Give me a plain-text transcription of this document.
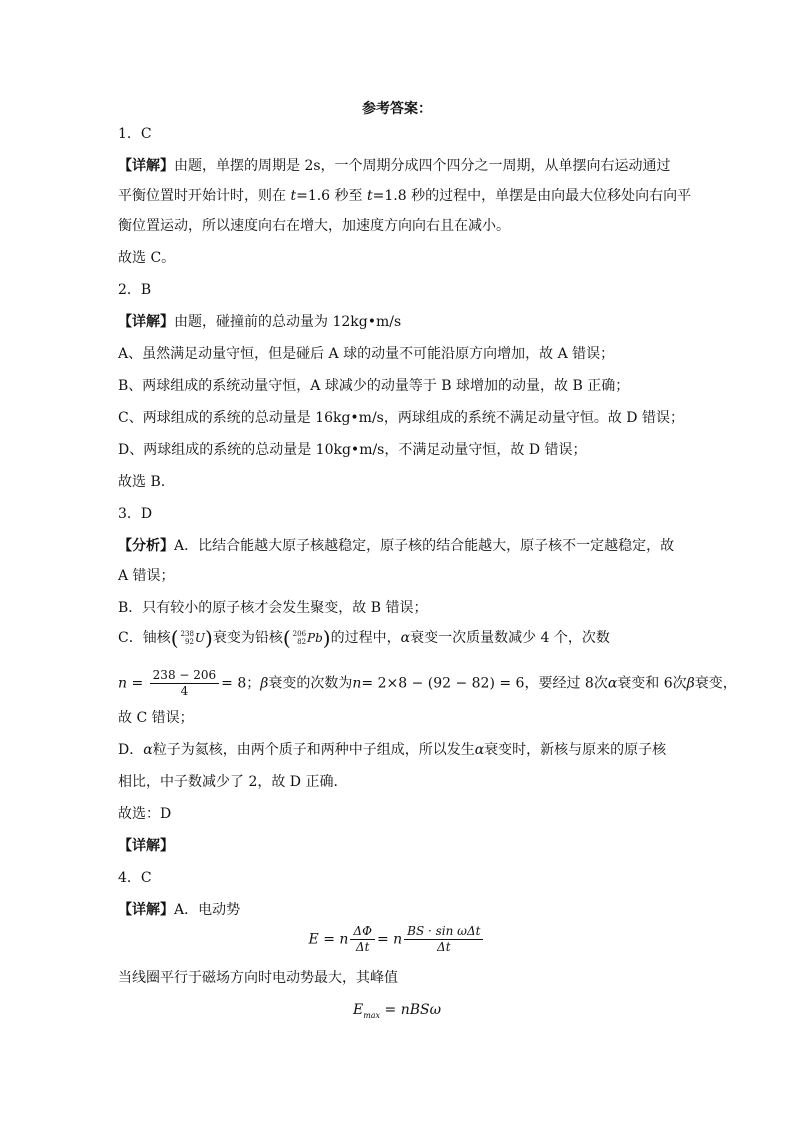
参考答案：
1．C
【详解】由题，单摆的周期是 2s，一个周期分成四个四分之一周期，从单摆向右运动通过
平衡位置时开始计时，则在 t=1.6 秒至 t=1.8 秒的过程中，单摆是由向最大位移处向右向平
衡位置运动，所以速度向右在增大，加速度方向向右且在减小。
故选 C。
2．B
【详解】由题，碰撞前的总动量为 12kg•m/s
A、虽然满足动量守恒，但是碰后 A 球的动量不可能沿原方向增加，故 A 错误；
B、两球组成的系统动量守恒，A 球减少的动量等于 B 球增加的动量，故 B 正确；
C、两球组成的系统的总动量是 16kg•m/s，两球组成的系统不满足动量守恒。故 D 错误；
D、两球组成的系统的总动量是 10kg•m/s，不满足动量守恒，故 D 错误；
故选 B.
3．D
【分析】A．比结合能越大原子核越稳定，原子核的结合能越大，原子核不一定越稳定，故
A 错误；
B．只有较小的原子核才会发生聚变，故 B 错误；
C．铀核 ( 238
92 U ) 衰变为铅核 ( 206
82 Pb ) 的过程中，α衰变一次质量数减少 4 个，次数
$n = \frac{238 - 206}{4} = 8$；β衰变的次数为n= 2×8 − (92 − 82) = 6，要经过 8次α衰变和 6次β衰变，
故 C 错误；
D．α粒子为氦核，由两个质子和两种中子组成，所以发生α衰变时，新核与原来的原子核
相比，中子数减少了 2，故 D 正确．
故选：D
【详解】
4．C
【详解】A．电动势
E = n $\frac{\Delta\Phi}{\Delta t} = n \frac{\text{BS · sin ωΔt}}{\Delta t}$
当线圈平行于磁场方向时电动势最大，其峰值
$E_{max} = nBS\omega$
